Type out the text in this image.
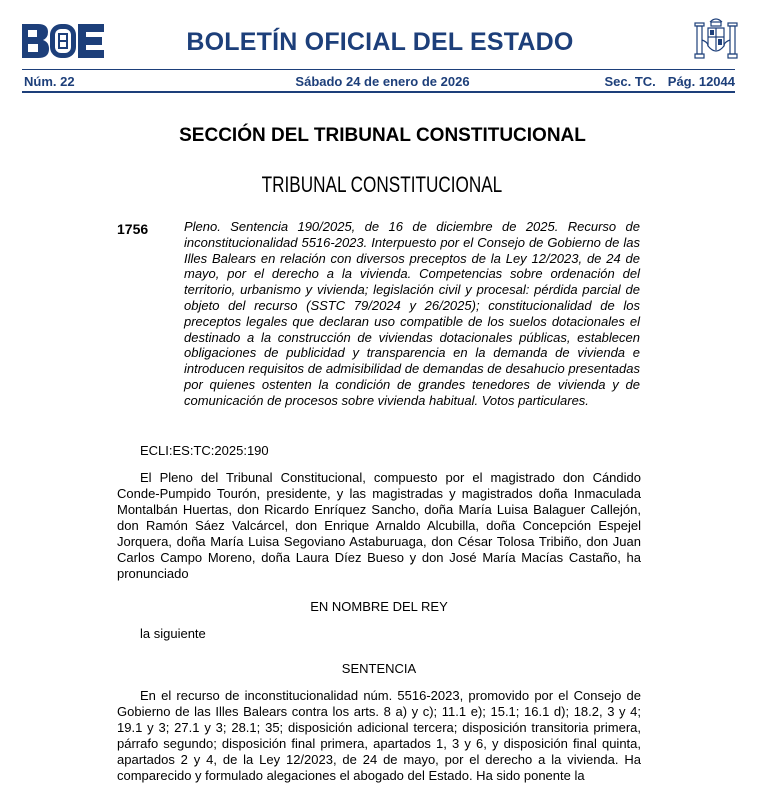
BOLETÍN OFICIAL DEL ESTADO
Núm. 22	Sábado 24 de enero de 2026	Sec. TC. Pág. 12044
SECCIÓN DEL TRIBUNAL CONSTITUCIONAL
TRIBUNAL CONSTITUCIONAL
1756	Pleno. Sentencia 190/2025, de 16 de diciembre de 2025. Recurso de inconstitucionalidad 5516-2023. Interpuesto por el Consejo de Gobierno de las Illes Balears en relación con diversos preceptos de la Ley 12/2023, de 24 de mayo, por el derecho a la vivienda. Competencias sobre ordenación del territorio, urbanismo y vivienda; legislación civil y procesal: pérdida parcial de objeto del recurso (SSTC 79/2024 y 26/2025); constitucionalidad de los preceptos legales que declaran uso compatible de los suelos dotacionales el destinado a la construcción de viviendas dotacionales públicas, establecen obligaciones de publicidad y transparencia en la demanda de vivienda e introducen requisitos de admisibilidad de demandas de desahucio presentadas por quienes ostenten la condición de grandes tenedores de vivienda y de comunicación de procesos sobre vivienda habitual. Votos particulares.
ECLI:ES:TC:2025:190
El Pleno del Tribunal Constitucional, compuesto por el magistrado don Cándido Conde-Pumpido Tourón, presidente, y las magistradas y magistrados doña Inmaculada Montalbán Huertas, don Ricardo Enríquez Sancho, doña María Luisa Balaguer Callejón, don Ramón Sáez Valcárcel, don Enrique Arnaldo Alcubilla, doña Concepción Espejel Jorquera, doña María Luisa Segoviano Astaburuaga, don César Tolosa Tribiño, don Juan Carlos Campo Moreno, doña Laura Díez Bueso y don José María Macías Castaño, ha pronunciado
EN NOMBRE DEL REY
la siguiente
SENTENCIA
En el recurso de inconstitucionalidad núm. 5516-2023, promovido por el Consejo de Gobierno de las Illes Balears contra los arts. 8 a) y c); 11.1 e); 15.1; 16.1 d); 18.2, 3 y 4; 19.1 y 3; 27.1 y 3; 28.1; 35; disposición adicional tercera; disposición transitoria primera, párrafo segundo; disposición final primera, apartados 1, 3 y 6, y disposición final quinta, apartados 2 y 4, de la Ley 12/2023, de 24 de mayo, por el derecho a la vivienda. Ha comparecido y formulado alegaciones el abogado del Estado. Ha sido ponente la
